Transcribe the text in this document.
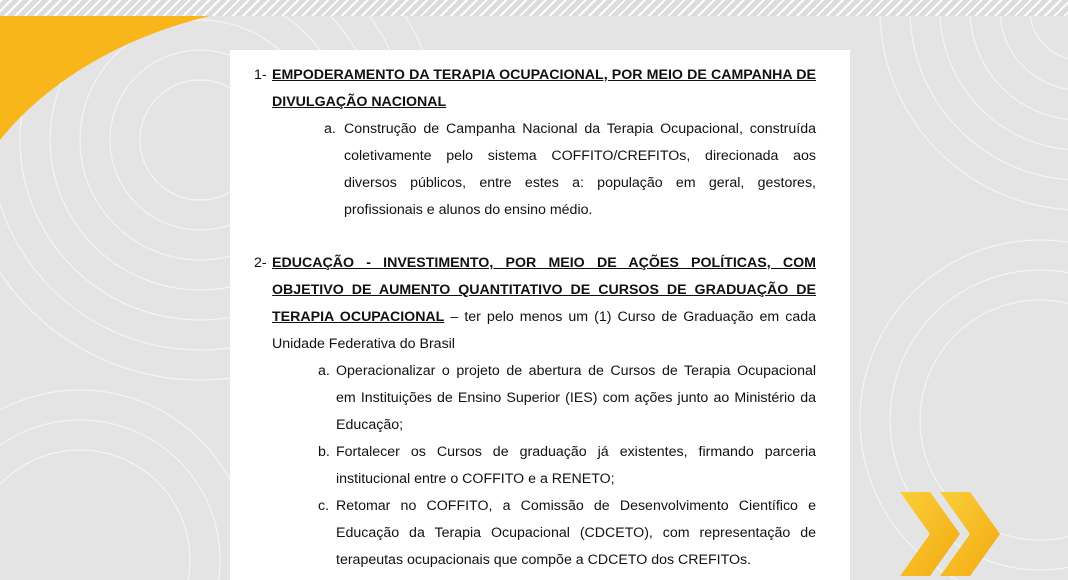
1- EMPODERAMENTO DA TERAPIA OCUPACIONAL, POR MEIO DE CAMPANHA DE DIVULGAÇÃO NACIONAL
a. Construção de Campanha Nacional da Terapia Ocupacional, construída coletivamente pelo sistema COFFITO/CREFITOs, direcionada aos diversos públicos, entre estes a: população em geral, gestores, profissionais e alunos do ensino médio.
2- EDUCAÇÃO - INVESTIMENTO, POR MEIO DE AÇÕES POLÍTICAS, COM OBJETIVO DE AUMENTO QUANTITATIVO DE CURSOS DE GRADUAÇÃO DE TERAPIA OCUPACIONAL – ter pelo menos um (1) Curso de Graduação em cada Unidade Federativa do Brasil
a. Operacionalizar o projeto de abertura de Cursos de Terapia Ocupacional em Instituições de Ensino Superior (IES) com ações junto ao Ministério da Educação;
b. Fortalecer os Cursos de graduação já existentes, firmando parceria institucional entre o COFFITO e a RENETO;
c. Retomar no COFFITO, a Comissão de Desenvolvimento Científico e Educação da Terapia Ocupacional (CDCETO), com representação de terapeutas ocupacionais que compõe a CDCETO dos CREFITOs.
